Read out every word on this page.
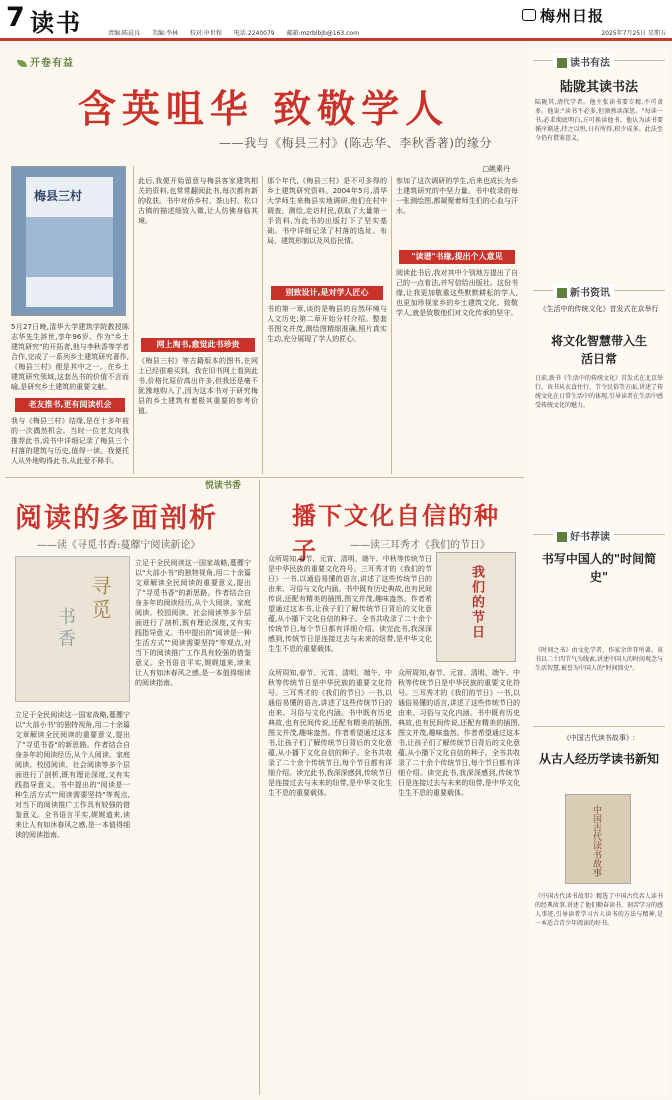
7 读书	责编:陈晨良 美编:李林 校对:申世和 电话:2240079 邮箱:mzrblbjb@163.com
梅州日报
2025年7月25日 星期五
开卷有益
含英咀华 致敬学人
——我与《梅县三村》(陈志华、李秋香著)的缘分
□姚素丹
梅县三村
5月27日晚,清华大学建筑学院教授陈志华先生辞世,享年96岁。作为"乡土建筑研究"的开拓者,他与李秋香等学者合作,完成了一系列乡土建筑研究著作,《梅县三村》便是其中之一。在乡土建筑研究领域,这套丛书的价值不言而喻,是研究乡土建筑的重要文献。
老友推书,更有阅读机会
我与《梅县三村》结缘,是在十多年前的一次偶然机会。当时一位老友向我推荐此书,说书中详细记录了梅县三个村落的建筑与历史,值得一读。我便托人从外地购得此书,从此爱不释手。
此后,我便开始留意与梅县客家建筑相关的资料,也常常翻阅此书,每次都有新的收获。书中对侨乡村、茶山村、松口古镇的描述细致入微,让人仿佛身临其境。
网上淘书,愈觉此书珍贵
《梅县三村》等古籍版本的图书,在网上已经很难买到。我在旧书网上看到此书,价格比原价高出许多,但我还是毫不犹豫地购入了,因为这本书对于研究梅县的乡土建筑有着极其重要的参考价值。
那个年代,《梅县三村》是不可多得的乡土建筑研究资料。2004年5月,清华大学师生来梅县实地调研,他们在村中调查、测绘,走访村民,获取了大量第一手资料,为此书的出版打下了坚实基础。书中详细记录了村落的选址、布局、建筑形制以及风俗民情。
别致设计,是对学人匠心
书的第一章,谈的是梅县的自然环境与人文历史;第二章开始分村介绍。整套书图文并茂,测绘图精细准确,照片真实生动,充分展现了学人的匠心。
参加了这次调研的学生,后来也成长为乡土建筑研究的中坚力量。书中收录的每一张测绘图,都凝聚着师生们的心血与汗水。
"读谱"书缘,提出个人意见
阅读此书后,我对其中个别地方提出了自己的一点看法,并写信给出版社。这份书缘,让我更加敬重这些默默耕耘的学人,也更加珍视家乡的乡土建筑文化。致敬学人,就是致敬他们对文化传承的坚守。
悦读书香
阅读的多面剖析
——读《寻觅书香:蔓蘼宁阅读新论》
寻觅
书香
立足于全民阅读这一国家战略,蔓蘼宁以"大部小书"的独特视角,用二十余篇文章解读全民阅读的重要意义,提出了"寻觅书香"的新思路。作者结合自身多年的阅读经历,从个人阅读、家庭阅读、校园阅读、社会阅读等多个层面进行了剖析,既有理论深度,又有实践指导意义。书中提出的"阅读是一种生活方式""阅读需要坚持"等观点,对当下的阅读推广工作具有较强的借鉴意义。全书语言平实,娓娓道来,读来让人有如沐春风之感,是一本值得细读的阅读指南。
立足于全民阅读这一国家战略,蔓蘼宁以"大部小书"的独特视角,用二十余篇文章解读全民阅读的重要意义,提出了"寻觅书香"的新思路。作者结合自身多年的阅读经历,从个人阅读、家庭阅读、校园阅读、社会阅读等多个层面进行了剖析,既有理论深度,又有实践指导意义。书中提出的"阅读是一种生活方式""阅读需要坚持"等观点,对当下的阅读推广工作具有较强的借鉴意义。全书语言平实,娓娓道来,读来让人有如沐春风之感,是一本值得细读的阅读指南。
播下文化自信的种子	——读三耳秀才《我们的节日》
我们的节日
众所周知,春节、元宵、清明、端午、中秋等传统节日是中华民族的重要文化符号。三耳秀才的《我们的节日》一书,以通俗易懂的语言,讲述了这些传统节日的由来、习俗与文化内涵。书中既有历史典故,也有民间传说,还配有精美的插图,图文并茂,趣味盎然。作者希望通过这本书,让孩子们了解传统节日背后的文化意蕴,从小播下文化自信的种子。全书共收录了二十余个传统节日,每个节日都有详细介绍。读完此书,我深深感到,传统节日是连接过去与未来的纽带,是中华文化生生不息的重要载体。
众所周知,春节、元宵、清明、端午、中秋等传统节日是中华民族的重要文化符号。三耳秀才的《我们的节日》一书,以通俗易懂的语言,讲述了这些传统节日的由来、习俗与文化内涵。书中既有历史典故,也有民间传说,还配有精美的插图,图文并茂,趣味盎然。作者希望通过这本书,让孩子们了解传统节日背后的文化意蕴,从小播下文化自信的种子。全书共收录了二十余个传统节日,每个节日都有详细介绍。读完此书,我深深感到,传统节日是连接过去与未来的纽带,是中华文化生生不息的重要载体。
众所周知,春节、元宵、清明、端午、中秋等传统节日是中华民族的重要文化符号。三耳秀才的《我们的节日》一书,以通俗易懂的语言,讲述了这些传统节日的由来、习俗与文化内涵。书中既有历史典故,也有民间传说,还配有精美的插图,图文并茂,趣味盎然。作者希望通过这本书,让孩子们了解传统节日背后的文化意蕴,从小播下文化自信的种子。全书共收录了二十余个传统节日,每个节日都有详细介绍。读完此书,我深深感到,传统节日是连接过去与未来的纽带,是中华文化生生不息的重要载体。
读书有法
陆陇其读书法
陆陇其,清代学者。他主张读书要专精,不可贪多。他说:"读书不必多,但须熟读深思。"每读一书,必求彻底明白,方可换读他书。他认为读书要循序渐进,持之以恒,日有所得,积少成多。此法至今仍有借鉴意义。
新书资讯
《生活中的传统文化》首发式在京举行
将文化智慧带入生活日常
日前,新书《生活中的传统文化》首发式在北京举行。该书从衣食住行、节令民俗等方面,讲述了传统文化在日常生活中的体现,引导读者在生活中感受传统文化的魅力。
好书荐读
书写中国人的"时间简史"
《时间之书》由文化学者、作家余世存所著。该书以二十四节气为线索,讲述中国人的时间观念与生活智慧,被誉为中国人的"时间简史"。
《中国古代读书故事》:
从古人经历学读书新知
中国古代读书故事
《中国古代读书故事》精选了中国古代名人读书的经典故事,讲述了他们勤奋读书、刻苦学习的感人事迹,引导读者学习古人读书的方法与精神,是一本适合青少年阅读的好书。
